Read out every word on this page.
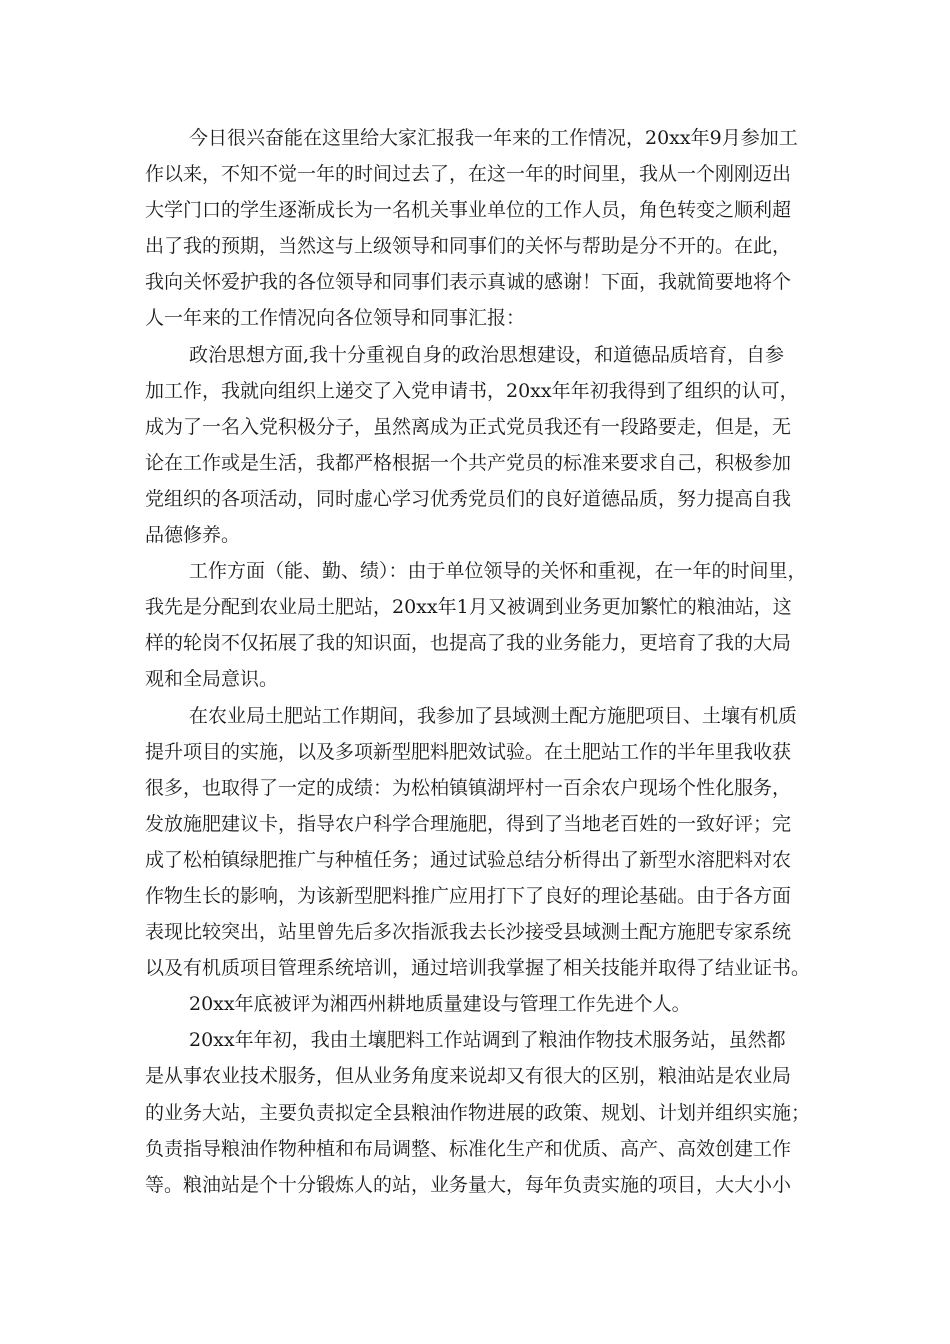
今日很兴奋能在这里给大家汇报我一年来的工作情况，20xx年9月参加工
作以来，不知不觉一年的时间过去了，在这一年的时间里，我从一个刚刚迈出
大学门口的学生逐渐成长为一名机关事业单位的工作人员，角色转变之顺利超
出了我的预期，当然这与上级领导和同事们的关怀与帮助是分不开的。在此，
我向关怀爱护我的各位领导和同事们表示真诚的感谢！下面，我就简要地将个
人一年来的工作情况向各位领导和同事汇报：
政治思想方面,我十分重视自身的政治思想建设，和道德品质培育，自参
加工作，我就向组织上递交了入党申请书，20xx年年初我得到了组织的认可，
成为了一名入党积极分子，虽然离成为正式党员我还有一段路要走，但是，无
论在工作或是生活，我都严格根据一个共产党员的标准来要求自己，积极参加
党组织的各项活动，同时虚心学习优秀党员们的良好道德品质，努力提高自我
品德修养。
工作方面（能、勤、绩）：由于单位领导的关怀和重视，在一年的时间里，
我先是分配到农业局土肥站，20xx年1月又被调到业务更加繁忙的粮油站，这
样的轮岗不仅拓展了我的知识面，也提高了我的业务能力，更培育了我的大局
观和全局意识。
在农业局土肥站工作期间，我参加了县域测土配方施肥项目、土壤有机质
提升项目的实施，以及多项新型肥料肥效试验。在土肥站工作的半年里我收获
很多，也取得了一定的成绩：为松柏镇镇湖坪村一百余农户现场个性化服务，
发放施肥建议卡，指导农户科学合理施肥，得到了当地老百姓的一致好评；完
成了松柏镇绿肥推广与种植任务；通过试验总结分析得出了新型水溶肥料对农
作物生长的影响，为该新型肥料推广应用打下了良好的理论基础。由于各方面
表现比较突出，站里曾先后多次指派我去长沙接受县域测土配方施肥专家系统
以及有机质项目管理系统培训，通过培训我掌握了相关技能并取得了结业证书。
20xx年底被评为湘西州耕地质量建设与管理工作先进个人。
20xx年年初，我由土壤肥料工作站调到了粮油作物技术服务站，虽然都
是从事农业技术服务，但从业务角度来说却又有很大的区别，粮油站是农业局
的业务大站，主要负责拟定全县粮油作物进展的政策、规划、计划并组织实施；
负责指导粮油作物种植和布局调整、标准化生产和优质、高产、高效创建工作
等。粮油站是个十分锻炼人的站，业务量大，每年负责实施的项目，大大小小
